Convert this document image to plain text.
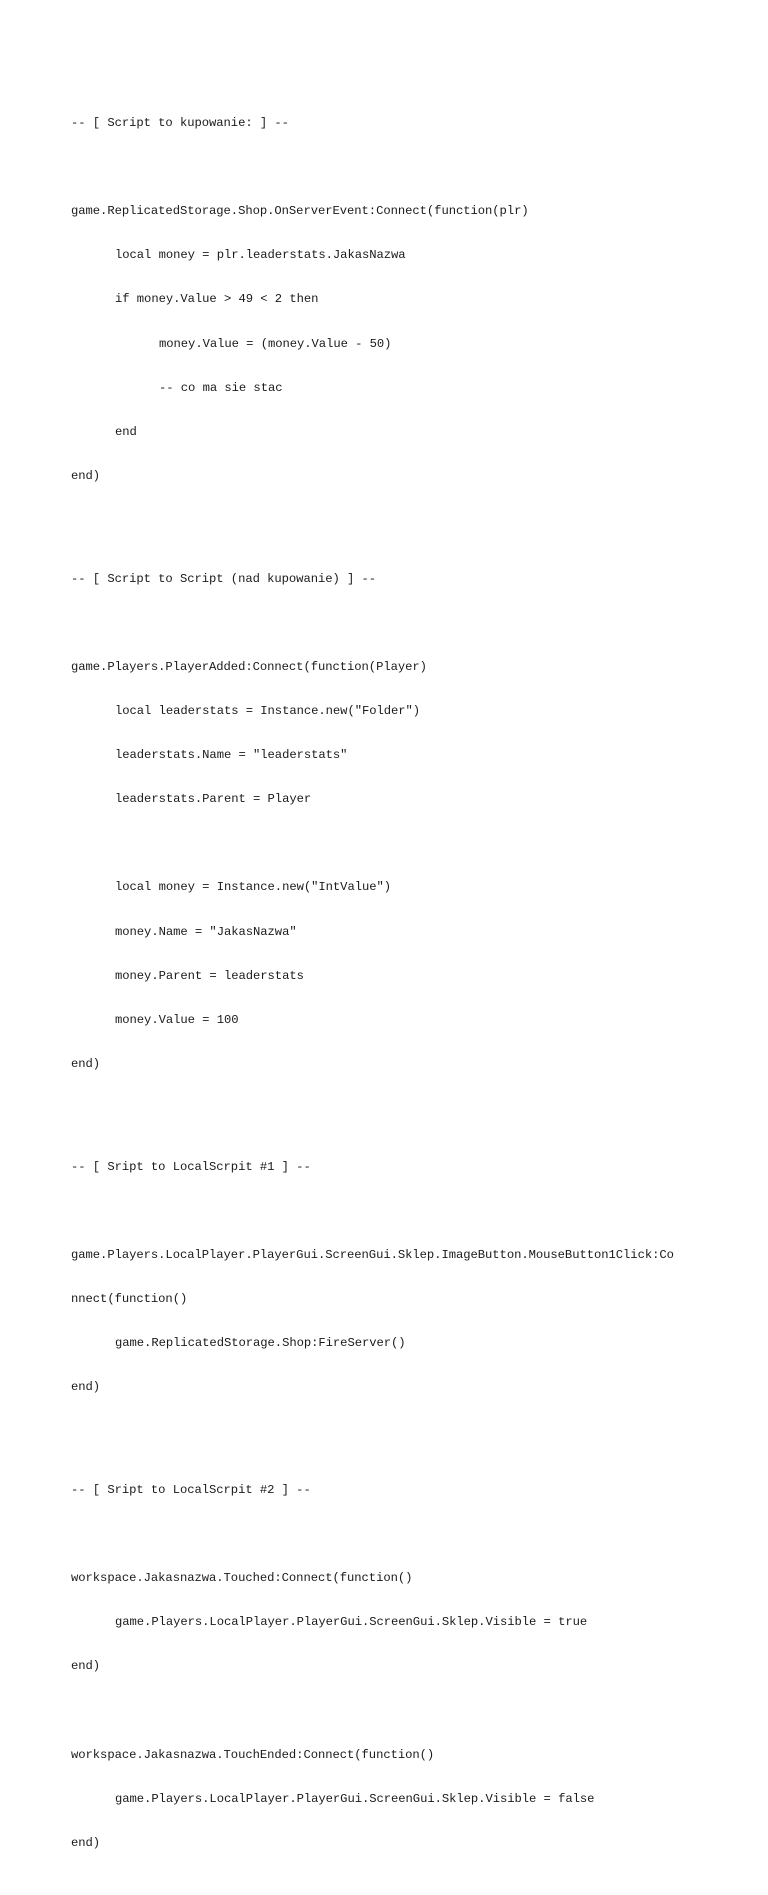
-- [ Script to kupowanie: ] --

game.ReplicatedStorage.Shop.OnServerEvent:Connect(function(plr)

local money = plr.leaderstats.JakasNazwa

if money.Value > 49 < 2 then

money.Value = (money.Value - 50)

-- co ma sie stac

end

end)

-- [ Script to Script (nad kupowanie) ] --

game.Players.PlayerAdded:Connect(function(Player)

local leaderstats = Instance.new("Folder")

leaderstats.Name = "leaderstats"

leaderstats.Parent = Player

local money = Instance.new("IntValue")

money.Name = "JakasNazwa"

money.Parent = leaderstats

money.Value = 100

end)

-- [ Sript to LocalScrpit #1 ] --

game.Players.LocalPlayer.PlayerGui.ScreenGui.Sklep.ImageButton.MouseButton1Click:Co

nnect(function()

game.ReplicatedStorage.Shop:FireServer()

end)

-- [ Sript to LocalScrpit #2 ] --

workspace.Jakasnazwa.Touched:Connect(function()

game.Players.LocalPlayer.PlayerGui.ScreenGui.Sklep.Visible = true

end)

workspace.Jakasnazwa.TouchEnded:Connect(function()

game.Players.LocalPlayer.PlayerGui.ScreenGui.Sklep.Visible = false

end)
